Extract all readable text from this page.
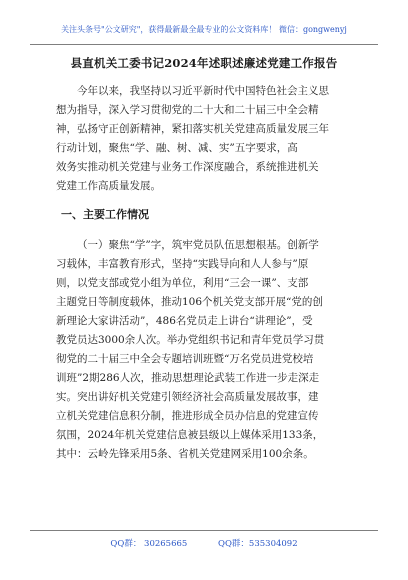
关注头条号"公文研究"，获得最新最全最专业的公文资料库！ 微信：gongwenyj
县直机关工委书记2024年述职述廉述党建工作报告
今年以来，我坚持以习近平新时代中国特色社会主义思
想为指导，深入学习贯彻党的二十大和二十届三中全会精
神，弘扬守正创新精神，紧扣落实机关党建高质量发展三年
行动计划，聚焦“学、融、树、减、实”五字要求，高
效务实推动机关党建与业务工作深度融合，系统推进机关
党建工作高质量发展。
一、主要工作情况
（一）聚焦“学”字，筑牢党员队伍思想根基。创新学
习载体，丰富教育形式，坚持“实践导向和人人参与”原
则，以党支部或党小组为单位，利用“三会一课”、支部
主题党日等制度载体，推动106个机关党支部开展“党的创
新理论大家讲活动”，486名党员走上讲台“讲理论”，受
教党员达3000余人次。举办党组织书记和青年党员学习贯
彻党的二十届三中全会专题培训班暨“万名党员进党校培
训班”2期286人次，推动思想理论武装工作进一步走深走
实。突出讲好机关党建引领经济社会高质量发展故事，建
立机关党建信息积分制，推进形成全员办信息的党建宣传
氛围，2024年机关党建信息被县级以上媒体采用133条，
其中：云岭先锋采用5条、省机关党建网采用100余条。
QQ群： 30265665	QQ群：535304092
